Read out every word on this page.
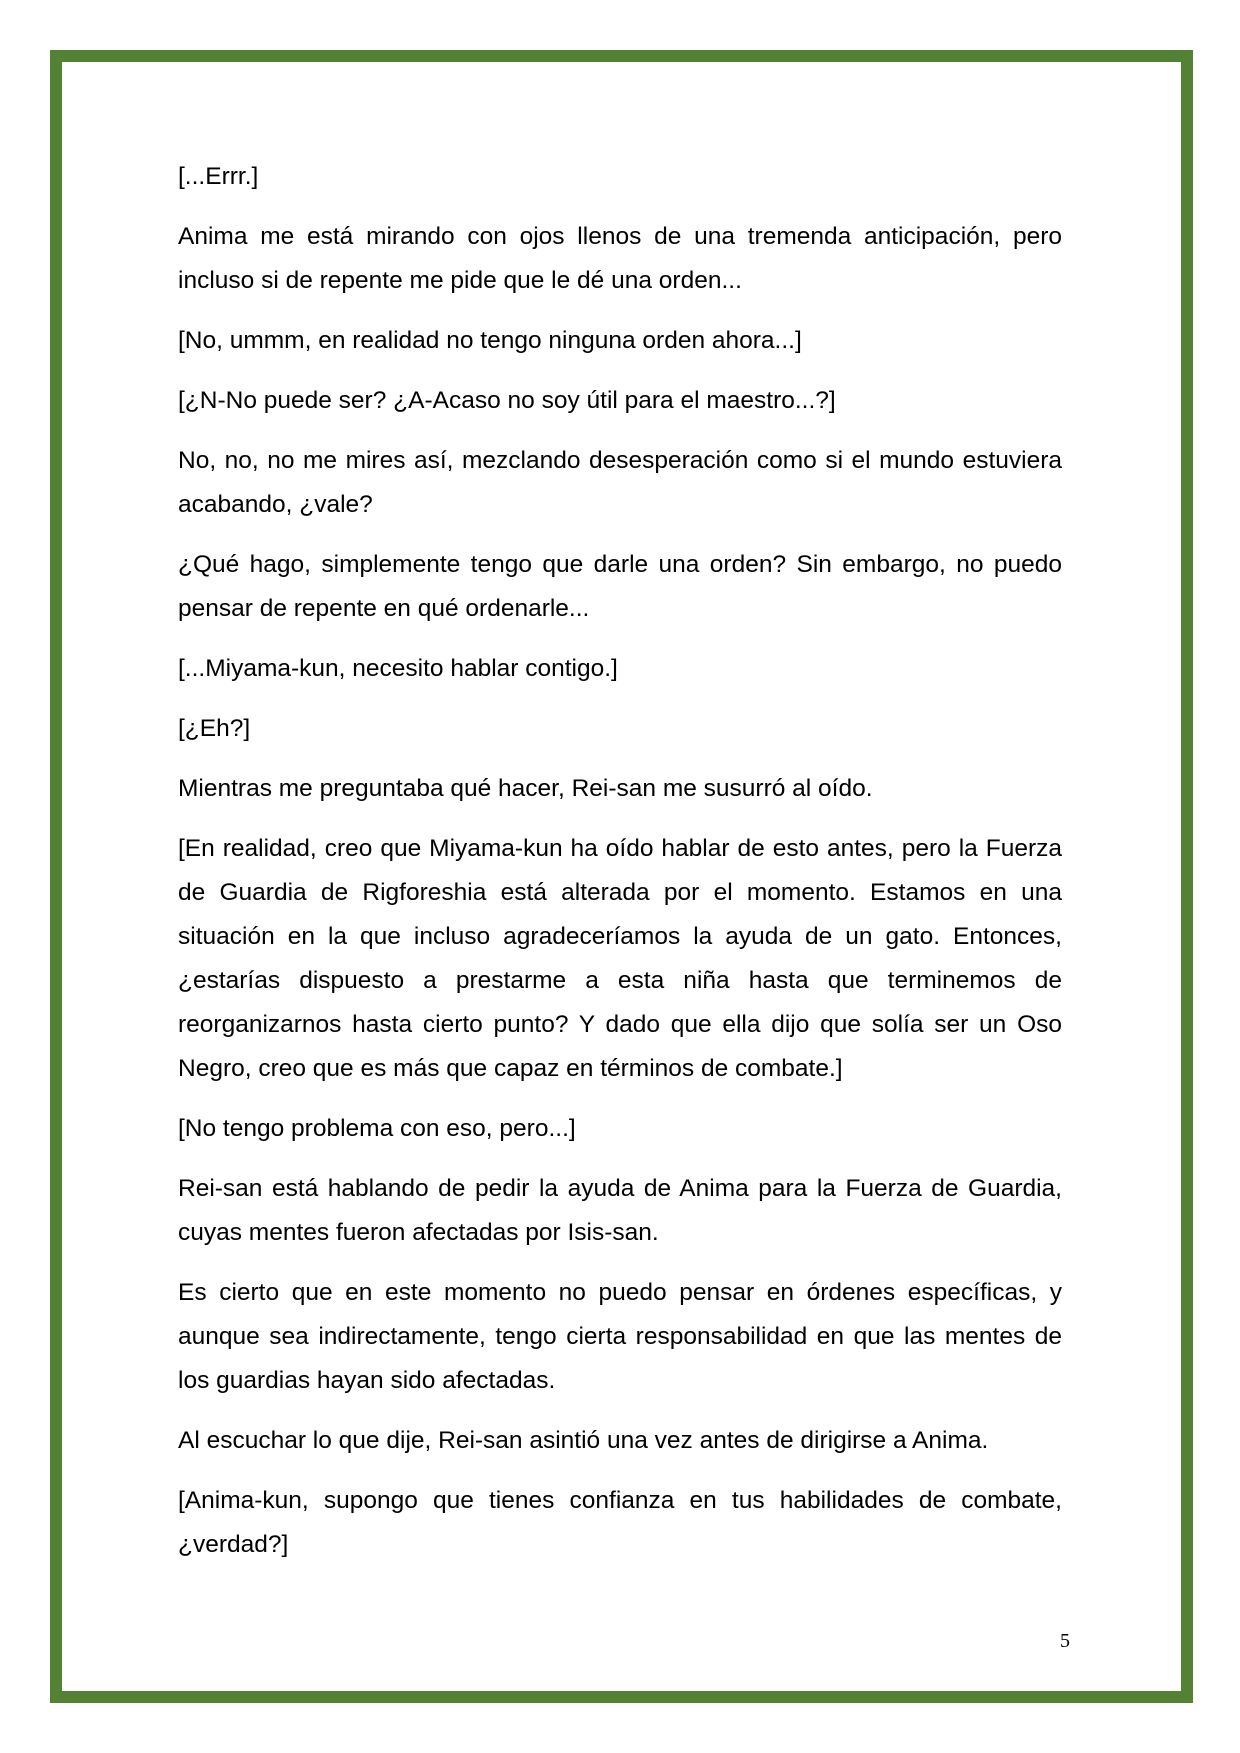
[...Errr.]

Anima me está mirando con ojos llenos de una tremenda anticipación, pero incluso si de repente me pide que le dé una orden...

[No, ummm, en realidad no tengo ninguna orden ahora...]

[¿N-No puede ser? ¿A-Acaso no soy útil para el maestro...?]

No, no, no me mires así, mezclando desesperación como si el mundo estuviera acabando, ¿vale?

¿Qué hago, simplemente tengo que darle una orden? Sin embargo, no puedo pensar de repente en qué ordenarle...

[...Miyama-kun, necesito hablar contigo.]

[¿Eh?]

Mientras me preguntaba qué hacer, Rei-san me susurró al oído.

[En realidad, creo que Miyama-kun ha oído hablar de esto antes, pero la Fuerza de Guardia de Rigforeshia está alterada por el momento. Estamos en una situación en la que incluso agradeceríamos la ayuda de un gato. Entonces, ¿estarías dispuesto a prestarme a esta niña hasta que terminemos de reorganizarnos hasta cierto punto? Y dado que ella dijo que solía ser un Oso Negro, creo que es más que capaz en términos de combate.]

[No tengo problema con eso, pero...]

Rei-san está hablando de pedir la ayuda de Anima para la Fuerza de Guardia, cuyas mentes fueron afectadas por Isis-san.

Es cierto que en este momento no puedo pensar en órdenes específicas, y aunque sea indirectamente, tengo cierta responsabilidad en que las mentes de los guardias hayan sido afectadas.

Al escuchar lo que dije, Rei-san asintió una vez antes de dirigirse a Anima.

[Anima-kun, supongo que tienes confianza en tus habilidades de combate, ¿verdad?]

5
